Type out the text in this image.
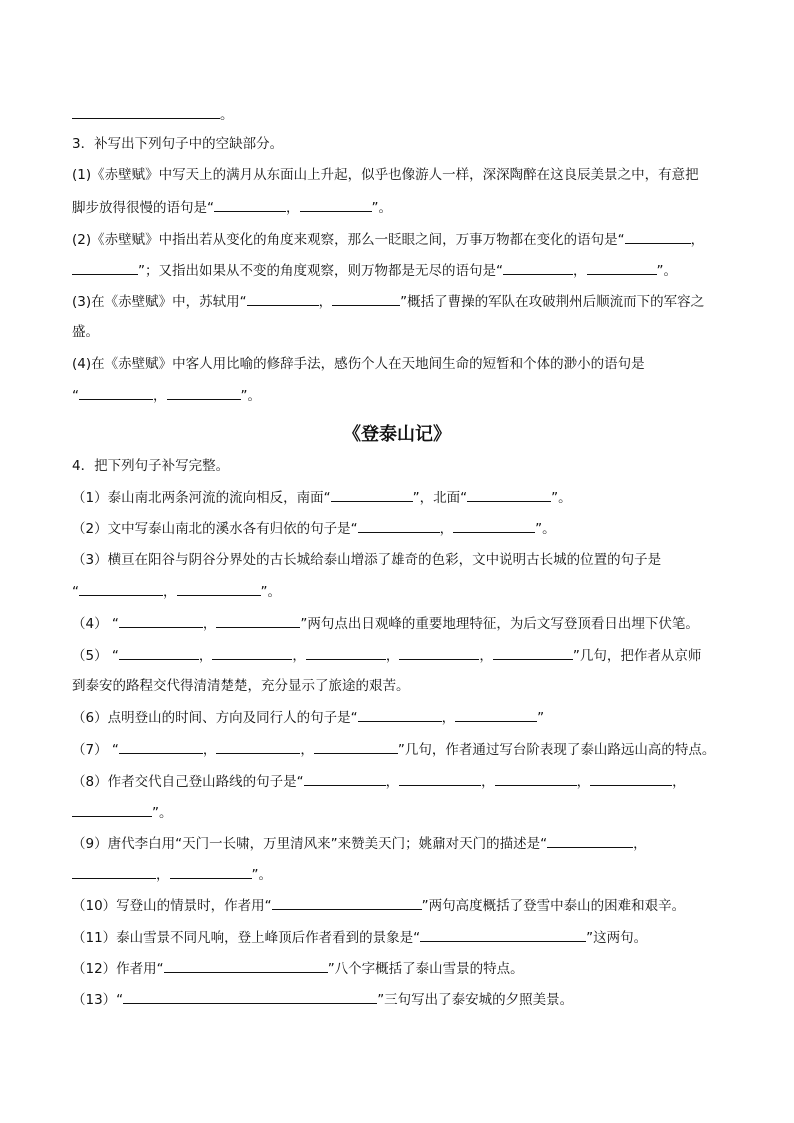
。
3．补写出下列句子中的空缺部分。
(1)《赤壁赋》中写天上的满月从东面山上升起，似乎也像游人一样，深深陶醉在这良辰美景之中，有意把
脚步放得很慢的语句是“	，	”。
(2)《赤壁赋》中指出若从变化的角度来观察，那么一眨眼之间，万事万物都在变化的语句是“	，
”；又指出如果从不变的角度观察，则万物都是无尽的语句是“	，	”。
(3)在《赤壁赋》中，苏轼用“	，	”概括了曹操的军队在攻破荆州后顺流而下的军容之
盛。
(4)在《赤壁赋》中客人用比喻的修辞手法，感伤个人在天地间生命的短暂和个体的渺小的语句是
“	，	”。
《登泰山记》
4．把下列句子补写完整。
（1）泰山南北两条河流的流向相反，南面“	”，北面“	”。
（2）文中写泰山南北的溪水各有归依的句子是“	，	”。
（3）横亘在阳谷与阴谷分界处的古长城给泰山增添了雄奇的色彩，文中说明古长城的位置的句子是
“	，	”。
（4） “	，	”两句点出日观峰的重要地理特征，为后文写登顶看日出埋下伏笔。
（5） “	，	，	，	，	”几句，把作者从京师
到泰安的路程交代得清清楚楚，充分显示了旅途的艰苦。
（6）点明登山的时间、方向及同行人的句子是“	，	”
（7） “	，	，	”几句，作者通过写台阶表现了泰山路远山高的特点。
（8）作者交代自己登山路线的句子是“	，	，	，	，
”。
（9）唐代李白用“天门一长啸，万里清风来”来赞美天门；姚鼐对天门的描述是“	，
，	”。
（10）写登山的情景时，作者用“	”两句高度概括了登雪中泰山的困难和艰辛。
（11）泰山雪景不同凡响，登上峰顶后作者看到的景象是“	”这两句。
（12）作者用“	”八个字概括了泰山雪景的特点。
（13）“	”三句写出了泰安城的夕照美景。
